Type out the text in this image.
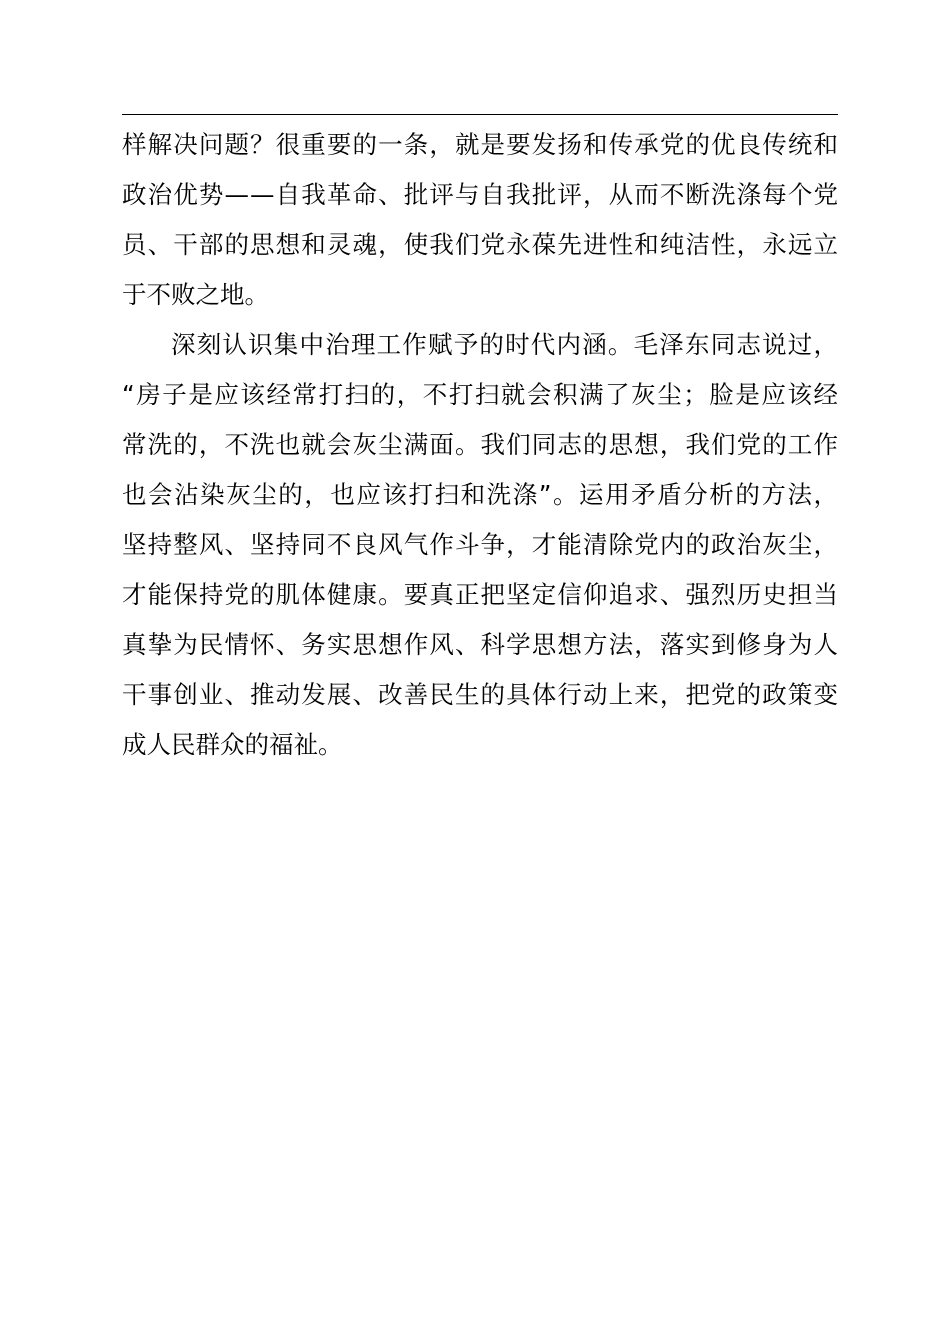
样解决问题？很重要的一条，就是要发扬和传承党的优良传统和
政治优势——自我革命、批评与自我批评，从而不断洗涤每个党
员、干部的思想和灵魂，使我们党永葆先进性和纯洁性，永远立
于不败之地。
深刻认识集中治理工作赋予的时代内涵。毛泽东同志说过，
“房子是应该经常打扫的，不打扫就会积满了灰尘；脸是应该经
常洗的，不洗也就会灰尘满面。我们同志的思想，我们党的工作
也会沾染灰尘的，也应该打扫和洗涤”。运用矛盾分析的方法，
坚持整风、坚持同不良风气作斗争，才能清除党内的政治灰尘，
才能保持党的肌体健康。要真正把坚定信仰追求、强烈历史担当
真挚为民情怀、务实思想作风、科学思想方法，落实到修身为人
干事创业、推动发展、改善民生的具体行动上来，把党的政策变
成人民群众的福祉。
